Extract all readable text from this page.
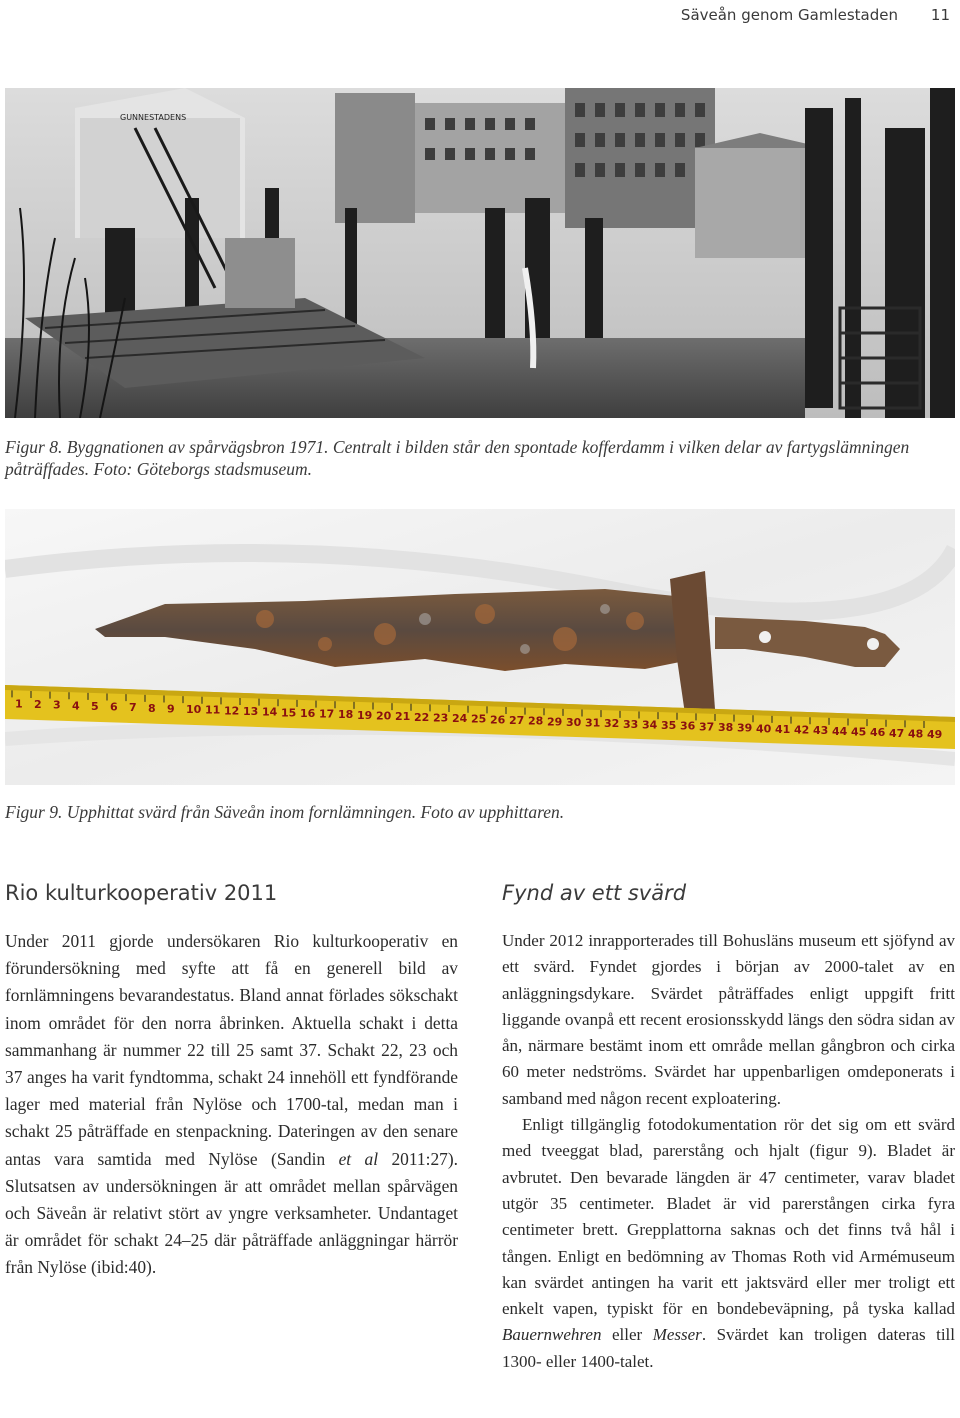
Säveån genom Gamlestaden 11
GUNNESTADENS
Figur 8. Byggnationen av spårvägsbron 1971. Centralt i bilden står den spontade kofferdamm i vilken delar av fartygslämningen påträffades. Foto: Göteborgs stadsmuseum.
1 2 3 4 5 6 7 8 9 10 11 12 13 14 15 16 17 18 19 20 21 22 23 24 25 26 27 28 29 30 31 32 33 34 35 36 37 38 39 40 41 42 43 44 45 46 47 48 49
Figur 9. Upphittat svärd från Säveån inom fornlämningen. Foto av upphittaren.
Rio kulturkooperativ 2011

Under 2011 gjorde undersökaren Rio kulturkooperativ en förundersökning med syfte att få en generell bild av fornlämningens bevarandestatus. Bland annat förlades sökschakt inom området för den norra åbrinken. Aktuella schakt i detta sammanhang är nummer 22 till 25 samt 37. Schakt 22, 23 och 37 anges ha varit fyndtomma, schakt 24 innehöll ett fyndförande lager med material från Nylöse och 1700-tal, medan man i schakt 25 påträffade en stenpackning. Dateringen av den senare antas vara samtida med Nylöse (Sandin et al 2011:27). Slutsatsen av undersökningen är att området mellan spårvägen och Säveån är relativt stört av yngre verksamheter. Undantaget är området för schakt 24–25 där påträffade anläggningar härrör från Nylöse (ibid:40).

Fynd av ett svärd

Under 2012 inrapporterades till Bohusläns museum ett sjöfynd av ett svärd. Fyndet gjordes i början av 2000-talet av en anläggningsdykare. Svärdet påträffades enligt uppgift fritt liggande ovanpå ett recent erosionsskydd längs den södra sidan av ån, närmare bestämt inom ett område mellan gångbron och cirka 60 meter nedströms. Svärdet har uppenbarligen omdeponerats i samband med någon recent exploatering.

Enligt tillgänglig fotodokumentation rör det sig om ett svärd med tveeggat blad, parerstång och hjalt (figur 9). Bladet är avbrutet. Den bevarade längden är 47 centimeter, varav bladet utgör 35 centimeter. Bladet är vid parerstången cirka fyra centimeter brett. Grepplattorna saknas och det finns två hål i tången. Enligt en bedömning av Thomas Roth vid Armémuseum kan svärdet antingen ha varit ett jaktsvärd eller mer troligt ett enkelt vapen, typiskt för en bondebeväpning, på tyska kallad Bauernwehren eller Messer. Svärdet kan troligen dateras till 1300- eller 1400-talet.
